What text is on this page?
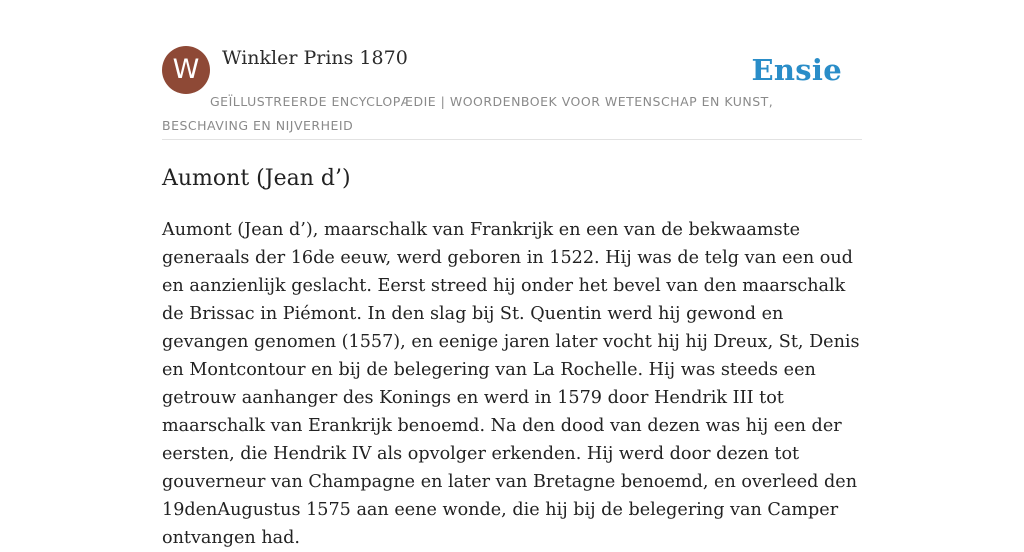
W	Winkler Prins 1870	Ensie
GEÏLLUSTREERDE ENCYCLOPÆDIE | WOORDENBOEK VOOR WETENSCHAP EN KUNST, BESCHAVING EN NIJVERHEID
Aumont (Jean d’)

Aumont (Jean d’), maarschalk van Frankrijk en een van de bekwaamste generaals der 16de eeuw, werd geboren in 1522. Hij was de telg van een oud en aanzienlijk geslacht. Eerst streed hij onder het bevel van den maarschalk de Brissac in Piémont. In den slag bij St. Quentin werd hij gewond en gevangen genomen (1557), en eenige jaren later vocht hij hij Dreux, St, Denis en Montcontour en bij de belegering van La Rochelle. Hij was steeds een getrouw aanhanger des Konings en werd in 1579 door Hendrik III tot maarschalk van Erankrijk benoemd. Na den dood van dezen was hij een der eersten, die Hendrik IV als opvolger erkenden. Hij werd door dezen tot gouverneur van Champagne en later van Bretagne benoemd, en overleed den 19denAugustus 1575 aan eene wonde, die hij bij de belegering van Camper ontvangen had.
